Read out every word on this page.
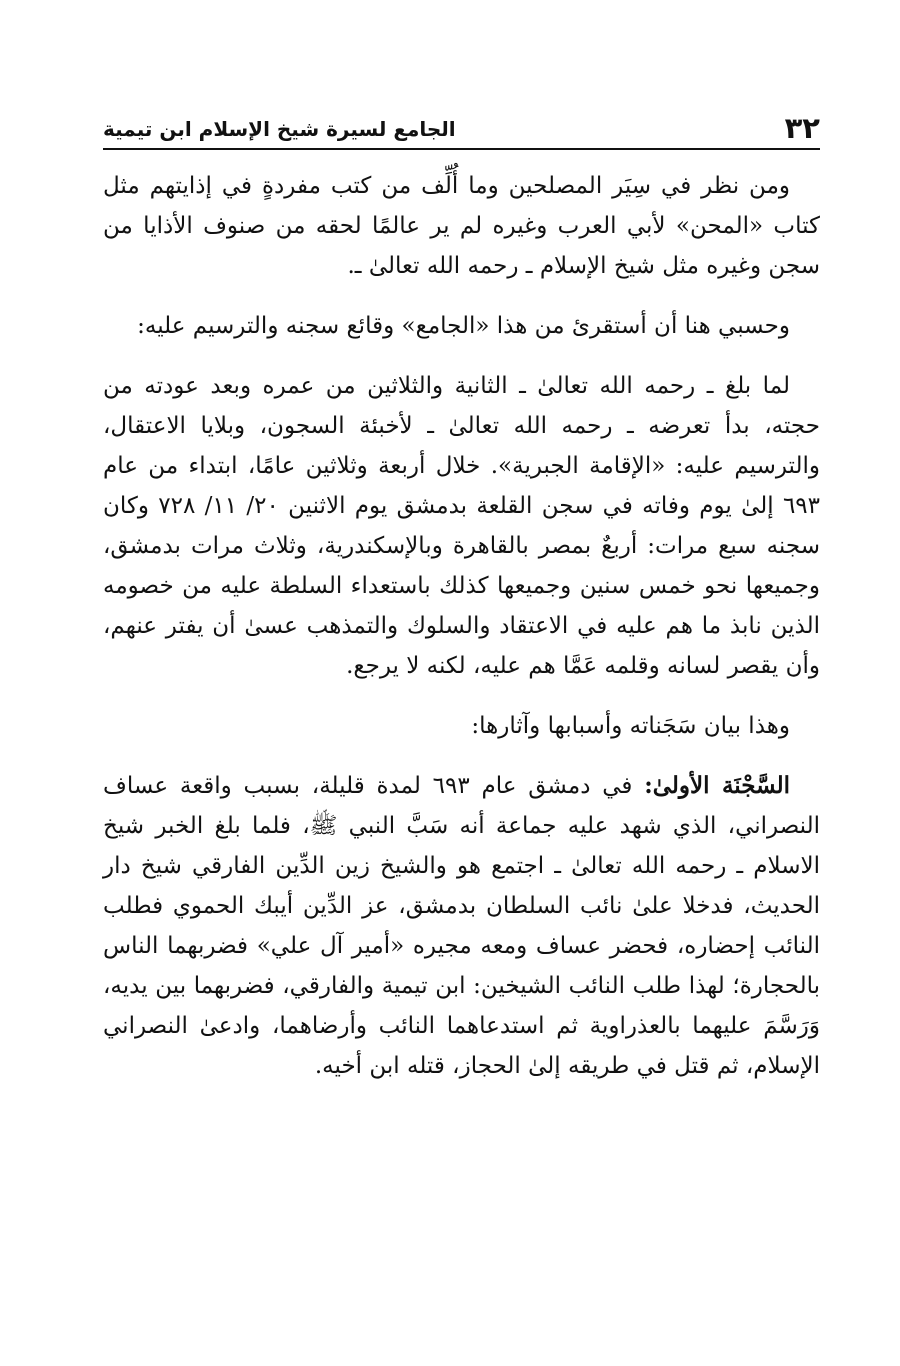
٣٢
الجامع لسيرة شيخ الإسلام ابن تيمية

ومن نظر في سِيَر المصلحين وما أُلِّف من كتب مفردةٍ في إذايتهم مثل كتاب «المحن» لأبي العرب وغيره لم ير عالمًا لحقه من صنوف الأذايا من سجن وغيره مثل شيخ الإسلام ـ رحمه الله تعالىٰ ـ.

وحسبي هنا أن أستقرئ من هذا «الجامع» وقائع سجنه والترسيم عليه:

لما بلغ ـ رحمه الله تعالىٰ ـ الثانية والثلاثين من عمره وبعد عودته من حجته، بدأ تعرضه ـ رحمه الله تعالىٰ ـ لأخبئة السجون، وبلايا الاعتقال، والترسيم عليه: «الإقامة الجبرية». خلال أربعة وثلاثين عامًا، ابتداء من عام ٦٩٣ إلىٰ يوم وفاته في سجن القلعة بدمشق يوم الاثنين ٢٠/ ١١/ ٧٢٨ وكان سجنه سبع مرات: أربعٌ بمصر بالقاهرة وبالإسكندرية، وثلاث مرات بدمشق، وجميعها نحو خمس سنين وجميعها كذلك باستعداء السلطة عليه من خصومه الذين نابذ ما هم عليه في الاعتقاد والسلوك والتمذهب عسىٰ أن يفتر عنهم، وأن يقصر لسانه وقلمه عَمَّا هم عليه، لكنه لا يرجع.

وهذا بيان سَجَناته وأسبابها وآثارها:

السَّجْنَة الأولىٰ: في دمشق عام ٦٩٣ لمدة قليلة، بسبب واقعة عساف النصراني، الذي شهد عليه جماعة أنه سَبَّ النبي ﷺ، فلما بلغ الخبر شيخ الاسلام ـ رحمه الله تعالىٰ ـ اجتمع هو والشيخ زين الدِّين الفارقي شيخ دار الحديث، فدخلا علىٰ نائب السلطان بدمشق، عز الدِّين أيبك الحموي فطلب النائب إحضاره، فحضر عساف ومعه مجيره «أمير آل علي» فضربهما الناس بالحجارة؛ لهذا طلب النائب الشيخين: ابن تيمية والفارقي، فضربهما بين يديه، وَرَسَّمَ عليهما بالعذراوية ثم استدعاهما النائب وأرضاهما، وادعىٰ النصراني الإسلام، ثم قتل في طريقه إلىٰ الحجاز، قتله ابن أخيه.
